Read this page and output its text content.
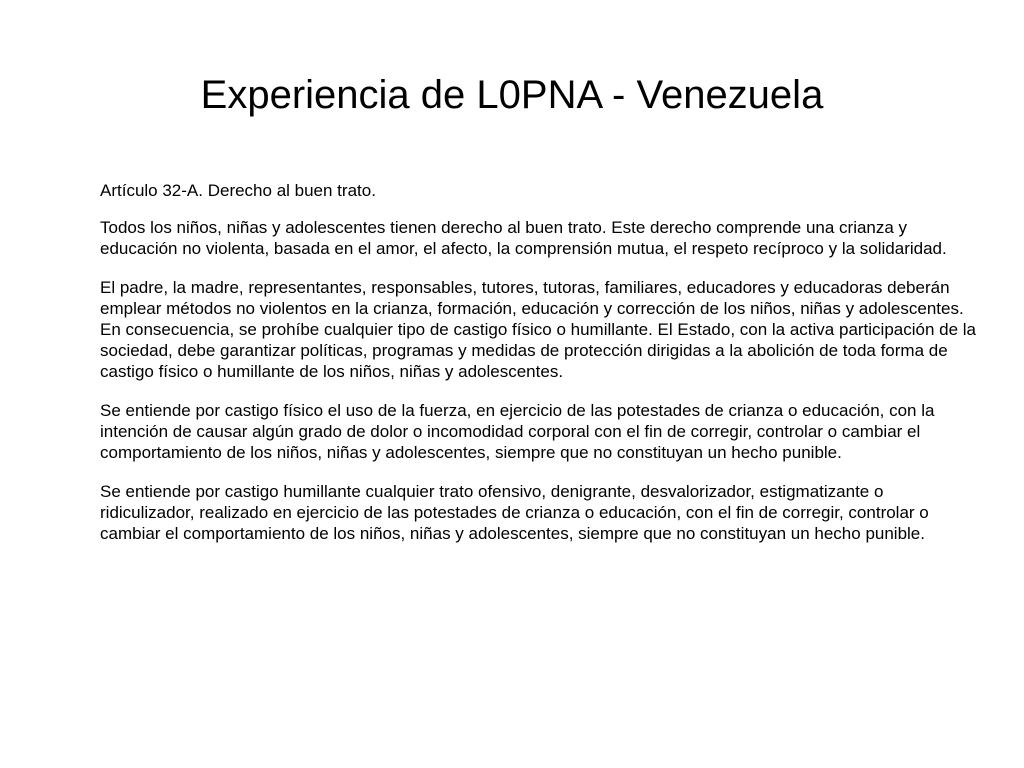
Experiencia de L0PNA - Venezuela

Artículo 32-A. Derecho al buen trato.

Todos los niños, niñas y adolescentes tienen derecho al buen trato. Este derecho comprende una crianza y educación no violenta, basada en el amor, el afecto, la comprensión mutua, el respeto recíproco y la solidaridad.

El padre, la madre, representantes, responsables, tutores, tutoras, familiares, educadores y educadoras deberán emplear métodos no violentos en la crianza, formación, educación y corrección de los niños, niñas y adolescentes. En consecuencia, se prohíbe cualquier tipo de castigo físico o humillante. El Estado, con la activa participación de la sociedad, debe garantizar políticas, programas y medidas de protección dirigidas a la abolición de toda forma de castigo físico o humillante de los niños, niñas y adolescentes.

Se entiende por castigo físico el uso de la fuerza, en ejercicio de las potestades de crianza o educación, con la intención de causar algún grado de dolor o incomodidad corporal con el fin de corregir, controlar o cambiar el comportamiento de los niños, niñas y adolescentes, siempre que no constituyan un hecho punible.

Se entiende por castigo humillante cualquier trato ofensivo, denigrante, desvalorizador, estigmatizante o ridiculizador, realizado en ejercicio de las potestades de crianza o educación, con el fin de corregir, controlar o cambiar el comportamiento de los niños, niñas y adolescentes, siempre que no constituyan un hecho punible.
